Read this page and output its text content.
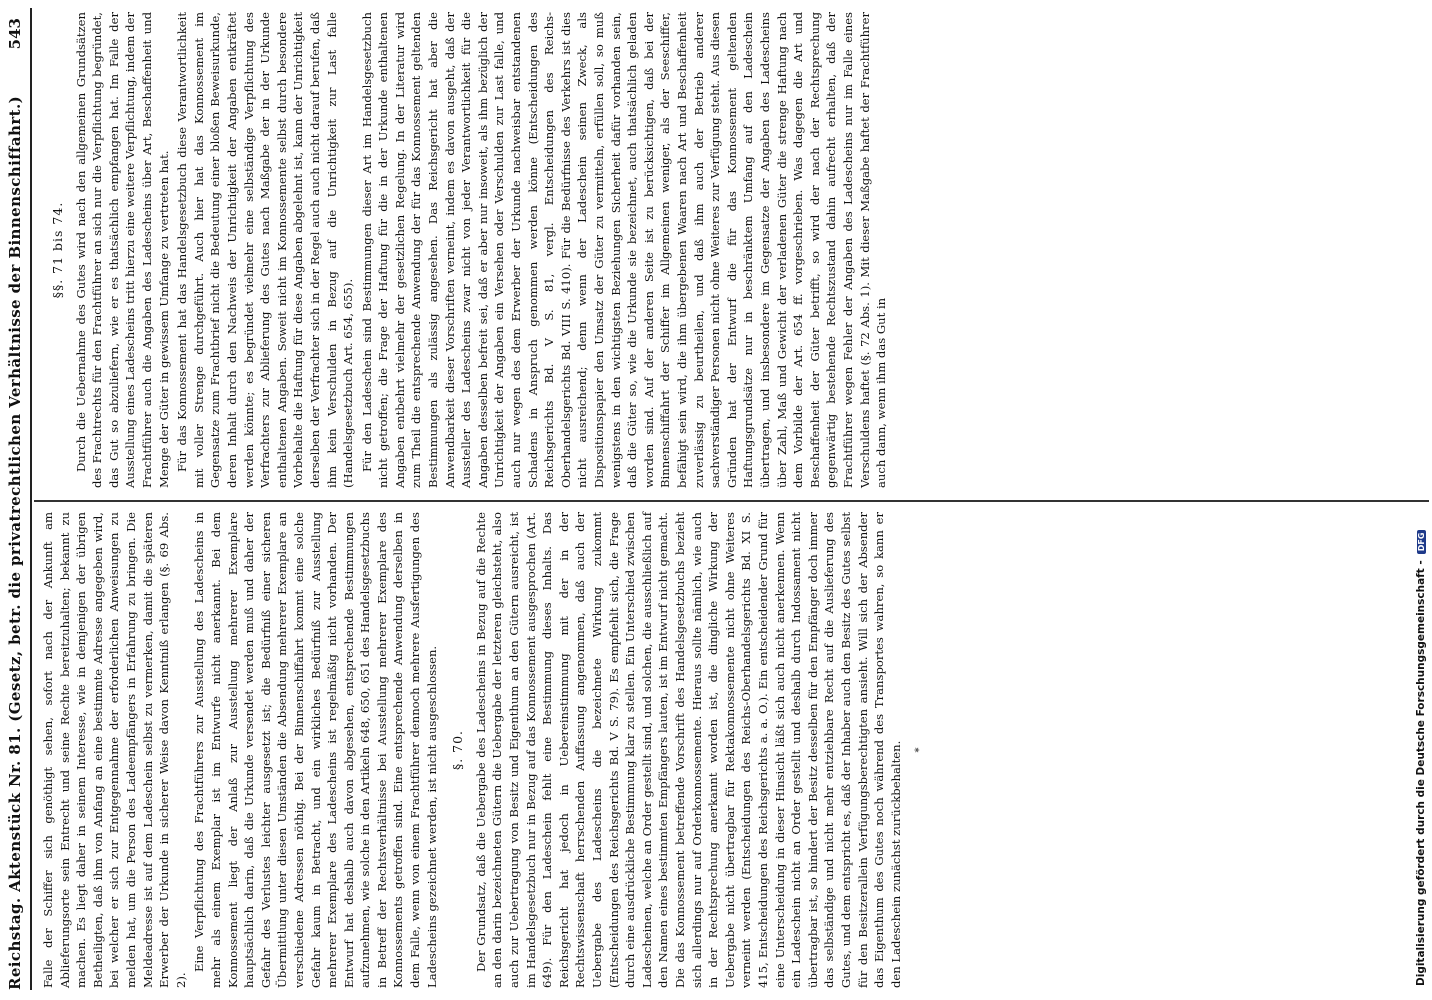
Reichstag. Aktenstück Nr. 81. (Gesetz, betr. die privatrechtlichen Verhältnisse der Binnenschiffahrt.)
543

Falle der Schiffer sich genöthigt sehen, sofort nach der Ankunft am Ablieferungsorte sein Entrecht und seine Rechte bereitzuhalten; bekannt zu machen. Es liegt daher in seinem Interesse, wie in demjenigen der übrigen Betheiligten, daß ihm von Anfang an eine bestimmte Adresse angegeben wird, bei welcher er sich zur Entgegennahme der erforderlichen Anweisungen zu melden hat, um die Person des Ladeempfängers in Erfahrung zu bringen. Die Meldeadresse ist auf dem Ladeschein selbst zu vermerken, damit die späteren Erwerber der Urkunde in sicherer Weise davon Kenntniß erlangen (§. 69 Abs. 2).

Eine Verpflichtung des Frachtführers zur Ausstellung des Ladescheins in mehr als einem Exemplar ist im Entwurfe nicht anerkannt. Bei dem Konnossement liegt der Anlaß zur Ausstellung mehrerer Exemplare hauptsächlich darin, daß die Urkunde versendet werden muß und daher der Gefahr des Verlustes leichter ausgesetzt ist; die Bedürfniß einer sicheren Übermittlung unter diesen Umständen die Absendung mehrerer Exemplare an verschiedene Adressen nöthig. Bei der Binnenschiffahrt kommt eine solche Gefahr kaum in Betracht, und ein wirkliches Bedürfniß zur Ausstellung mehrerer Exemplare des Ladescheins ist regelmäßig nicht vorhanden. Der Entwurf hat deshalb auch davon abgesehen, entsprechende Bestimmungen aufzunehmen, wie solche in den Artikeln 648, 650, 651 des Handelsgesetzbuchs in Betreff der Rechtsverhältnisse bei Ausstellung mehrerer Exemplare des Konnossements getroffen sind. Eine entsprechende Anwendung derselben in dem Falle, wenn von einem Frachtführer dennoch mehrere Ausfertigungen des Ladescheins gezeichnet werden, ist nicht ausgeschlossen. §. 70. Der Grundsatz, daß die Uebergabe des Ladescheins in Bezug auf die Rechte an den darin bezeichneten Gütern die Uebergabe der letzteren gleichsteht, also auch zur Uebertragung von Besitz und Eigenthum an den Gütern ausreicht, ist im Handelsgesetzbuch nur in Bezug auf das Konnossement ausgesprochen (Art. 649). Für den Ladeschein fehlt eine Bestimmung dieses Inhalts. Das Reichsgericht hat jedoch in Uebereinstimmung mit der in der Rechtswissenschaft herrschenden Auffassung angenommen, daß auch der Uebergabe des Ladescheins die bezeichnete Wirkung zukommt (Entscheidungen des Reichsgerichts Bd. V S. 79). Es empfiehlt sich, die Frage durch eine ausdrückliche Bestimmung klar zu stellen. Ein Unterschied zwischen Ladescheinen, welche an Order gestellt sind, und solchen, die ausschließlich auf den Namen eines bestimmten Empfängers lauten, ist im Entwurf nicht gemacht. Die das Konnossement betreffende Vorschrift des Handelsgesetzbuchs bezieht sich allerdings nur auf Orderkonnossemente. Hieraus sollte nämlich, wie auch in der Rechtsprechung anerkannt worden ist, die dingliche Wirkung der Uebergabe nicht übertragbar für Rektakonnossemente nicht ohne Weiteres verneint werden (Entscheidungen des Reichs-Oberhandelsgerichts Bd. XI S. 415, Entscheidungen des Reichsgerichts a. a. O.). Ein entscheidender Grund für eine Unterscheidung in dieser Hinsicht läßt sich auch nicht anerkennen. Wenn ein Ladeschein nicht an Order gestellt und deshalb durch Indossament nicht übertragbar ist, so hindert der Besitz desselben für den Empfänger doch immer das selbständige und nicht mehr entziehbare Recht auf die Auslieferung des Gutes, und dem entspricht es, daß der Inhaber auch den Besitz des Gutes selbst für den Besitzerallein Verfügungsberechtigten ansieht. Will sich der Absender das Eigenthum des Gutes noch während des Transportes wahren, so kann er den Ladeschein zunächst zurückbehalten. *
§§. 71 bis 74. Durch die Uebernahme des Gutes wird nach den allgemeinen Grundsätzen des Frachtrechts für den Frachtführer an sich nur die Verpflichtung begründet, das Gut so abzuliefern, wie er es thatsächlich empfangen hat. Im Falle der Ausstellung eines Ladescheins tritt hierzu eine weitere Verpflichtung, indem der Frachtführer auch die Angaben des Ladescheins über Art, Beschaffenheit und Menge der Güter in gewissem Umfange zu vertreten hat. Für das Konnossement hat das Handelsgesetzbuch diese Verantwortlichkeit mit voller Strenge durchgeführt. Auch hier hat das Konnossement im Gegensatze zum Frachtbrief nicht die Bedeutung einer bloßen Beweisurkunde, deren Inhalt durch den Nachweis der Unrichtigkeit der Angaben entkräftet werden könnte; es begründet vielmehr eine selbständige Verpflichtung des Verfrachters zur Ablieferung des Gutes nach Maßgabe der in der Urkunde enthaltenen Angaben. Soweit nicht im Konnossemente selbst durch besondere Vorbehalte die Haftung für diese Angaben abgelehnt ist, kann der Unrichtigkeit derselben der Verfrachter sich in der Regel auch auch nicht darauf berufen, daß ihm kein Verschulden in Bezug auf die Unrichtigkeit zur Last falle (Handelsgesetzbuch Art. 654, 655). Für den Ladeschein sind Bestimmungen dieser Art im Handelsgesetzbuch nicht getroffen; die Frage der Haftung für die in der Urkunde enthaltenen Angaben entbehrt vielmehr der gesetzlichen Regelung. In der Literatur wird zum Theil die entsprechende Anwendung der für das Konnossement geltenden Bestimmungen als zulässig angesehen. Das Reichsgericht hat aber die Anwendbarkeit dieser Vorschriften verneint, indem es davon ausgeht, daß der Aussteller des Ladescheins zwar nicht von jeder Verantwortlichkeit für die Angaben desselben befreit sei, daß er aber nur insoweit, als ihm bezüglich der Unrichtigkeit der Angaben ein Versehen oder Verschulden zur Last falle, und auch nur wegen des dem Erwerber der Urkunde nachweisbar entstandenen Schadens in Anspruch genommen werden könne (Entscheidungen des Reichsgerichts Bd. V S. 81, vergl. Entscheidungen des Reichs-Oberhandelsgerichts Bd. VIII S. 410). Für die Bedürfnisse des Verkehrs ist dies nicht ausreichend; denn wenn der Ladeschein seinen Zweck, als Dispositionspapier den Umsatz der Güter zu vermitteln, erfüllen soll, so muß wenigstens in den wichtigsten Beziehungen Sicherheit dafür vorhanden sein, daß die Güter so, wie die Urkunde sie bezeichnet, auch thatsächlich geladen worden sind. Auf der anderen Seite ist zu berücksichtigen, daß bei der Binnenschiffahrt der Schiffer im Allgemeinen weniger, als der Seeschiffer, befähigt sein wird, die ihm übergebenen Waaren nach Art und Beschaffenheit zuverlässig zu beurtheilen, und daß ihm auch der Betrieb anderer sachverständiger Personen nicht ohne Weiteres zur Verfügung steht. Aus diesen Gründen hat der Entwurf die für das Konnossement geltenden Haftungsgrundsätze nur in beschränktem Umfang auf den Ladeschein übertragen, und insbesondere im Gegensatze der Angaben des Ladescheins über Zahl, Maß und Gewicht der verladenen Güter die strenge Haftung nach dem Vorbilde der Art. 654 ff. vorgeschrieben. Was dagegen die Art und Beschaffenheit der Güter betrifft, so wird der nach der Rechtsprechung gegenwärtig bestehende Rechtszustand dahin aufrecht erhalten, daß der Frachtführer wegen Fehler der Angaben des Ladescheins nur im Falle eines Verschuldens haftet (§. 72 Abs. 1). Mit dieser Maßgabe haftet der Frachtführer auch dann, wenn ihm das Gut in

Digitalisierung gefördert durch die Deutsche Forschungsgemeinschaft -
DFG
